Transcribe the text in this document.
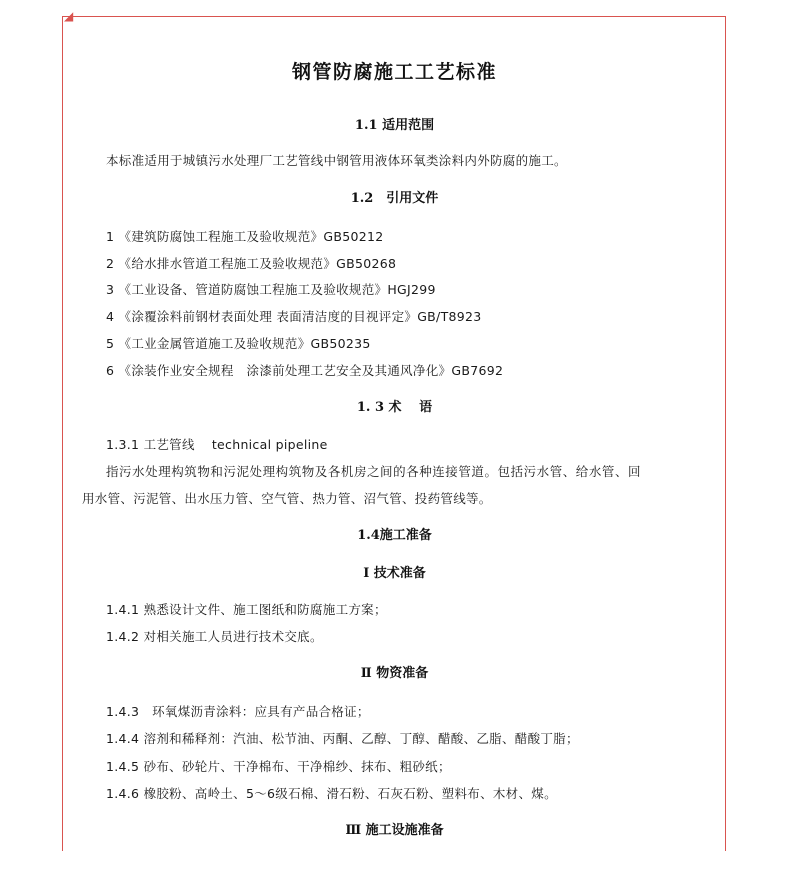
◢
钢管防腐施工工艺标准
1.1 适用范围
本标准适用于城镇污水处理厂工艺管线中钢管用液体环氧类涂料内外防腐的施工。
1.2　引用文件
1 《建筑防腐蚀工程施工及验收规范》GB50212
2 《给水排水管道工程施工及验收规范》GB50268
3 《工业设备、管道防腐蚀工程施工及验收规范》HGJ299
4 《涂覆涂料前钢材表面处理 表面清洁度的目视评定》GB/T8923
5 《工业金属管道施工及验收规范》GB50235
6 《涂装作业安全规程　涂漆前处理工艺安全及其通风净化》GB7692
1. 3 术　 语
1.3.1 工艺管线　 technical pipeline
指污水处理构筑物和污泥处理构筑物及各机房之间的各种连接管道。包括污水管、给水管、回
用水管、污泥管、出水压力管、空气管、热力管、沼气管、投药管线等。
1.4施工准备
Ⅰ 技术准备
1.4.1 熟悉设计文件、施工图纸和防腐施工方案；
1.4.2 对相关施工人员进行技术交底。
Ⅱ 物资准备
1.4.3　环氧煤沥青涂料：应具有产品合格证；
1.4.4 溶剂和稀释剂：汽油、松节油、丙酮、乙醇、丁醇、醋酸、乙脂、醋酸丁脂；
1.4.5 砂布、砂轮片、干净棉布、干净棉纱、抹布、粗砂纸；
1.4.6 橡胶粉、高岭土、5～6级石棉、滑石粉、石灰石粉、塑料布、木材、煤。
Ⅲ 施工设施准备
